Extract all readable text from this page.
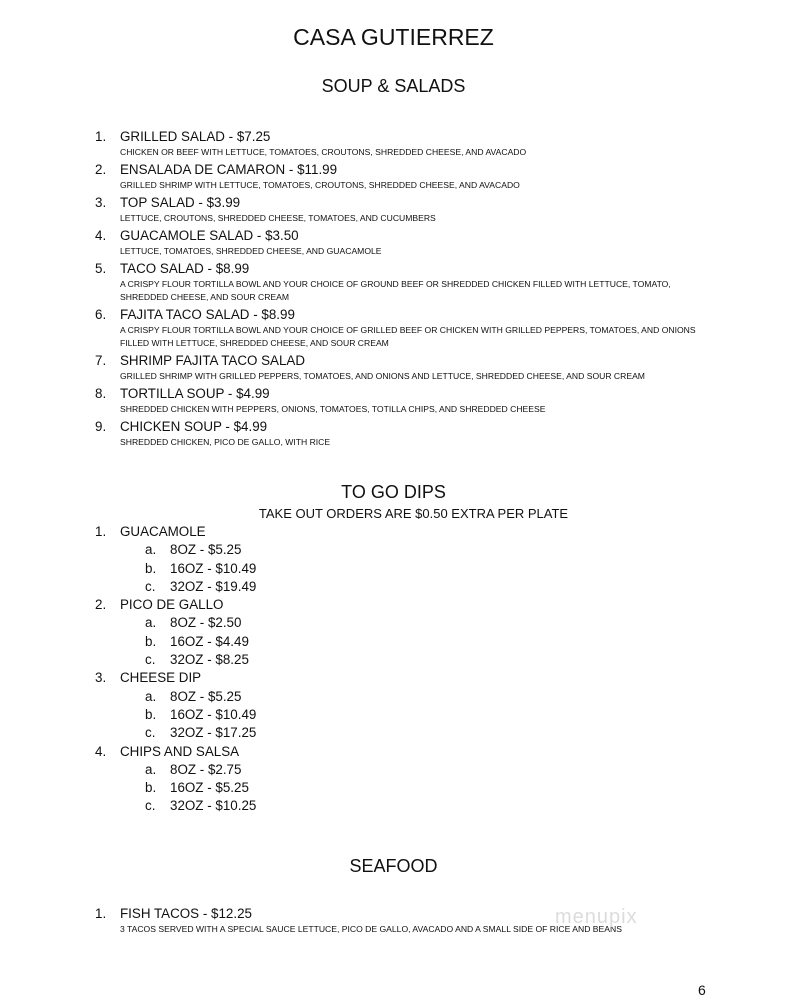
CASA GUTIERREZ
SOUP & SALADS
1. GRILLED SALAD - $7.25
CHICKEN OR BEEF WITH LETTUCE, TOMATOES, CROUTONS, SHREDDED CHEESE, AND AVACADO
2. ENSALADA DE CAMARON - $11.99
GRILLED SHRIMP WITH LETTUCE, TOMATOES, CROUTONS, SHREDDED CHEESE, AND AVACADO
3. TOP SALAD - $3.99
LETTUCE, CROUTONS, SHREDDED CHEESE, TOMATOES, AND CUCUMBERS
4. GUACAMOLE SALAD - $3.50
LETTUCE, TOMATOES, SHREDDED CHEESE, AND GUACAMOLE
5. TACO SALAD - $8.99
A CRISPY FLOUR TORTILLA BOWL AND YOUR CHOICE OF GROUND BEEF OR SHREDDED CHICKEN FILLED WITH LETTUCE, TOMATO, SHREDDED CHEESE, AND SOUR CREAM
6. FAJITA TACO SALAD - $8.99
A CRISPY FLOUR TORTILLA BOWL AND YOUR CHOICE OF GRILLED BEEF OR CHICKEN WITH GRILLED PEPPERS, TOMATOES, AND ONIONS FILLED WITH LETTUCE, SHREDDED CHEESE, AND SOUR CREAM
7. SHRIMP FAJITA TACO SALAD
GRILLED SHRIMP WITH GRILLED PEPPERS, TOMATOES, AND ONIONS AND LETTUCE, SHREDDED CHEESE, AND SOUR CREAM
8. TORTILLA SOUP - $4.99
SHREDDED CHICKEN WITH PEPPERS, ONIONS, TOMATOES, TOTILLA CHIPS, AND SHREDDED CHEESE
9. CHICKEN SOUP - $4.99
SHREDDED CHICKEN, PICO DE GALLO, WITH RICE
TO GO DIPS
TAKE OUT ORDERS ARE $0.50 EXTRA PER PLATE
1. GUACAMOLE
a. 8OZ - $5.25
b. 16OZ - $10.49
c. 32OZ - $19.49
2. PICO DE GALLO
a. 8OZ - $2.50
b. 16OZ - $4.49
c. 32OZ - $8.25
3. CHEESE DIP
a. 8OZ - $5.25
b. 16OZ - $10.49
c. 32OZ - $17.25
4. CHIPS AND SALSA
a. 8OZ - $2.75
b. 16OZ - $5.25
c. 32OZ - $10.25
SEAFOOD
1. FISH TACOS - $12.25
3 TACOS SERVED WITH A SPECIAL SAUCE LETTUCE, PICO DE GALLO, AVACADO AND A SMALL SIDE OF RICE AND BEANS
menupix
6
